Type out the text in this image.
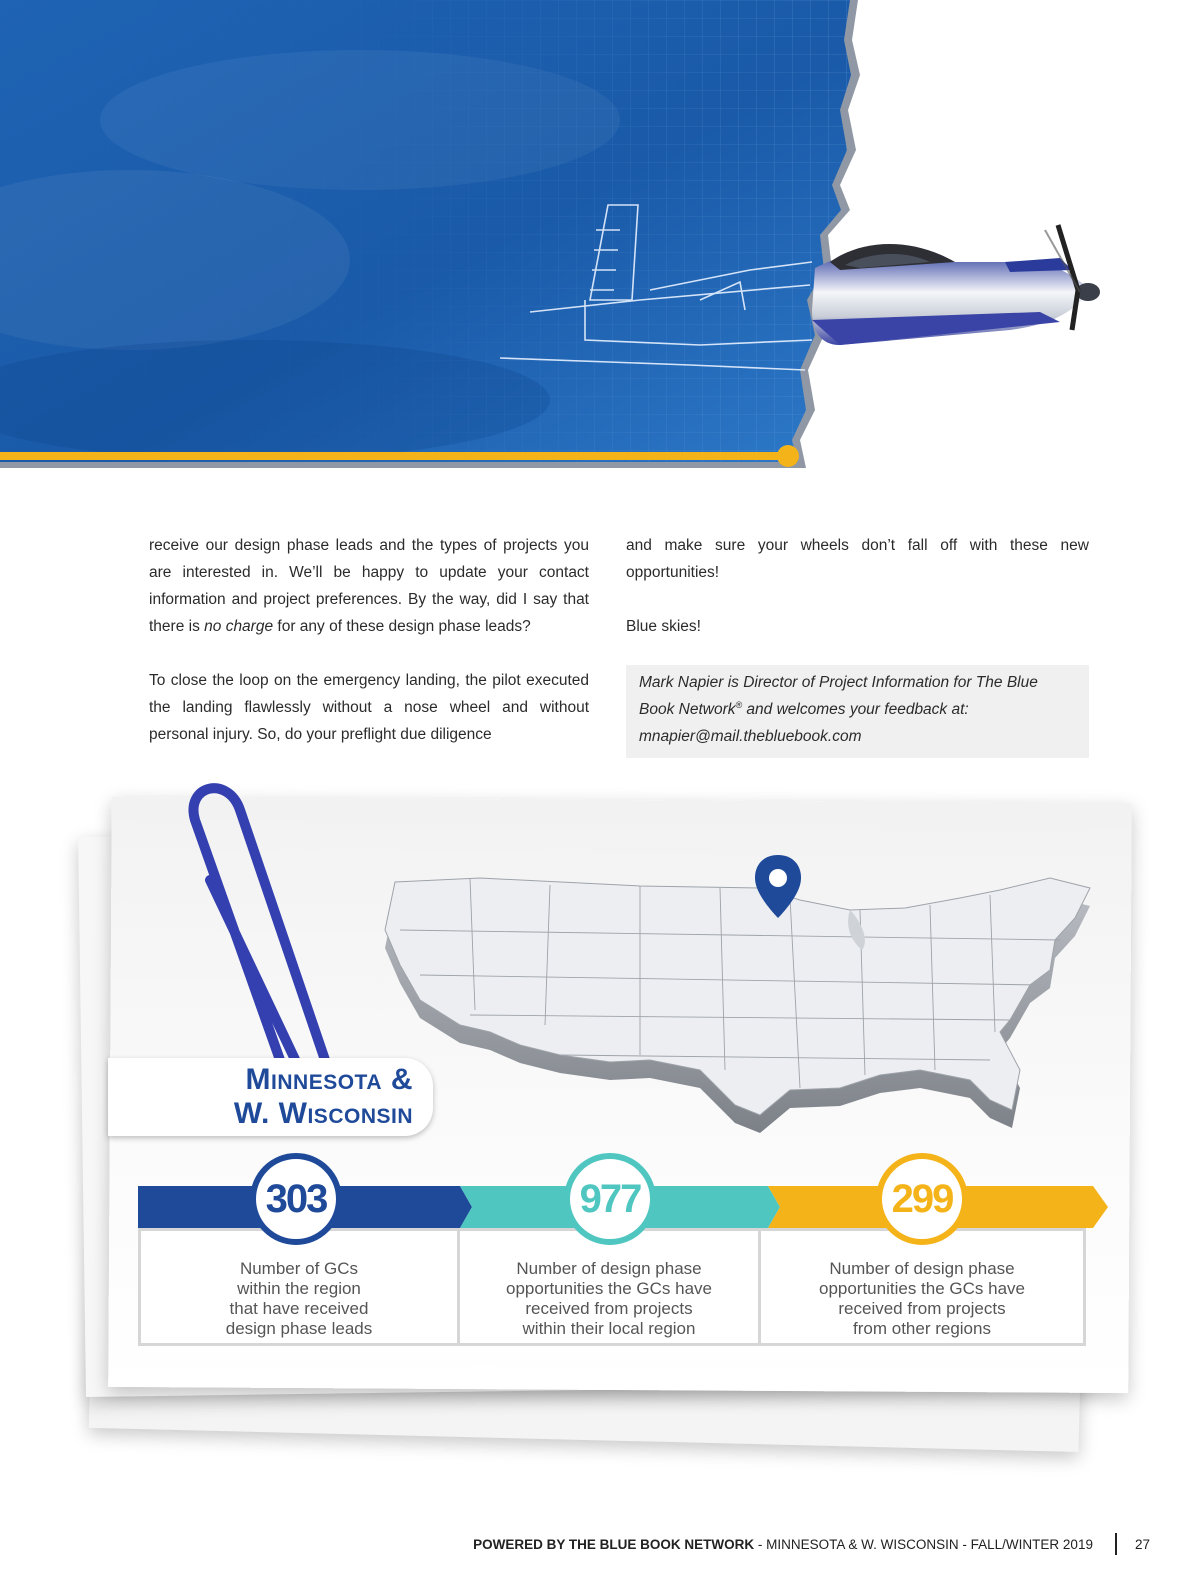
receive our design phase leads and the types of projects you are interested in. We’ll be happy to update your contact information and project preferences. By the way, did I say that there is no charge for any of these design phase leads?

To close the loop on the emergency landing, the pilot executed the landing flawlessly without a nose wheel and without personal injury. So, do your preflight due diligence

and make sure your wheels don’t fall off with these new opportunities!

Blue skies!

Mark Napier is Director of Project Information for The Blue Book Network® and welcomes your feedback at: mnapier@mail.thebluebook.com
Minnesota &
W. Wisconsin
Number of GCs
within the region
that have received
design phase leads
Number of design phase
opportunities the GCs have
received from projects
within their local region
Number of design phase
opportunities the GCs have
received from projects
from other regions
303	977	299
POWERED BY THE BLUE BOOK NETWORK - MINNESOTA & W. WISCONSIN - FALL/WINTER 2019	27
